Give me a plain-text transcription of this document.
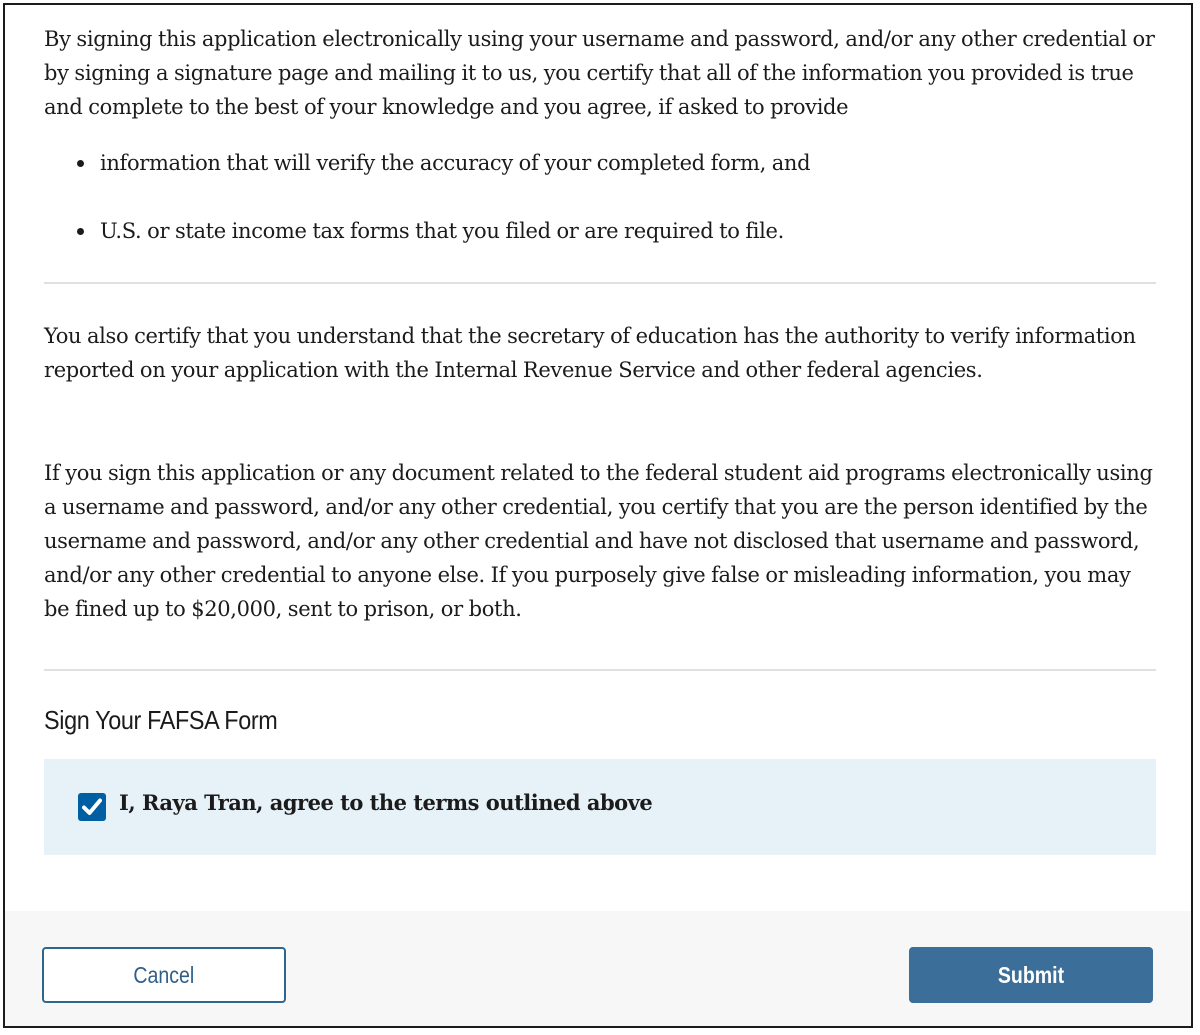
By signing this application electronically using your username and password, and/or any other credential or by signing a signature page and mailing it to us, you certify that all of the information you provided is true and complete to the best of your knowledge and you agree, if asked to provide

information that will verify the accuracy of your completed form, and
U.S. or state income tax forms that you filed or are required to file.

You also certify that you understand that the secretary of education has the authority to verify information reported on your application with the Internal Revenue Service and other federal agencies.

If you sign this application or any document related to the federal student aid programs electronically using a username and password, and/or any other credential, you certify that you are the person identified by the username and password, and/or any other credential and have not disclosed that username and password, and/or any other credential to anyone else. If you purposely give false or misleading information, you may be fined up to $20,000, sent to prison, or both.

Sign Your FAFSA Form
I, Raya Tran, agree to the terms outlined above
Cancel	Submit
